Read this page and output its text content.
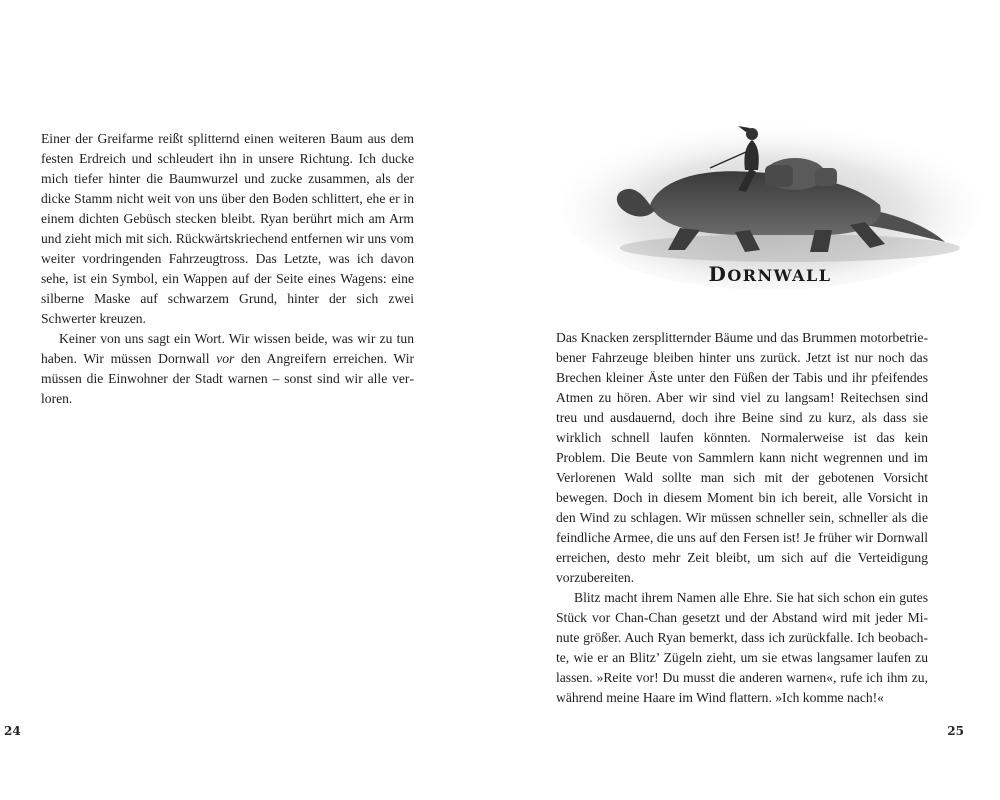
Einer der Greifarme reißt splitternd einen weiteren Baum aus dem festen Erdreich und schleudert ihn in unsere Richtung. Ich ducke mich tiefer hinter die Baumwurzel und zucke zusammen, als der dicke Stamm nicht weit von uns über den Boden schlittert, ehe er in einem dichten Gebüsch stecken bleibt. Ryan berührt mich am Arm und zieht mich mit sich. Rückwärtskriechend entfernen wir uns vom weiter vordringenden Fahrzeugtross. Das Letzte, was ich davon sehe, ist ein Symbol, ein Wappen auf der Seite eines Wagens: eine silberne Maske auf schwarzem Grund, hinter der sich zwei Schwerter kreuzen.

Keiner von uns sagt ein Wort. Wir wissen beide, was wir zu tun haben. Wir müssen Dornwall vor den Angreifern erreichen. Wir müssen die Einwohner der Stadt warnen – sonst sind wir alle verloren.

24
DORNWALL

Das Knacken zersplitternder Bäume und das Brummen motorbetriebener Fahrzeuge bleiben hinter uns zurück. Jetzt ist nur noch das Brechen kleiner Äste unter den Füßen der Tabis und ihr pfeifendes Atmen zu hören. Aber wir sind viel zu langsam! Reitechsen sind treu und ausdauernd, doch ihre Beine sind zu kurz, als dass sie wirklich schnell laufen könnten. Normalerweise ist das kein Problem. Die Beute von Sammlern kann nicht wegrennen und im Verlorenen Wald sollte man sich mit der gebotenen Vorsicht bewegen. Doch in diesem Moment bin ich bereit, alle Vorsicht in den Wind zu schlagen. Wir müssen schneller sein, schneller als die feindliche Armee, die uns auf den Fersen ist! Je früher wir Dornwall erreichen, desto mehr Zeit bleibt, um sich auf die Verteidigung vorzubereiten.

Blitz macht ihrem Namen alle Ehre. Sie hat sich schon ein gutes Stück vor Chan-Chan gesetzt und der Abstand wird mit jeder Minute größer. Auch Ryan bemerkt, dass ich zurückfalle. Ich beobachte, wie er an Blitz’ Zügeln zieht, um sie etwas langsamer laufen zu lassen. »Reite vor! Du musst die anderen warnen«, rufe ich ihm zu, während meine Haare im Wind flattern. »Ich komme nach!«

25
